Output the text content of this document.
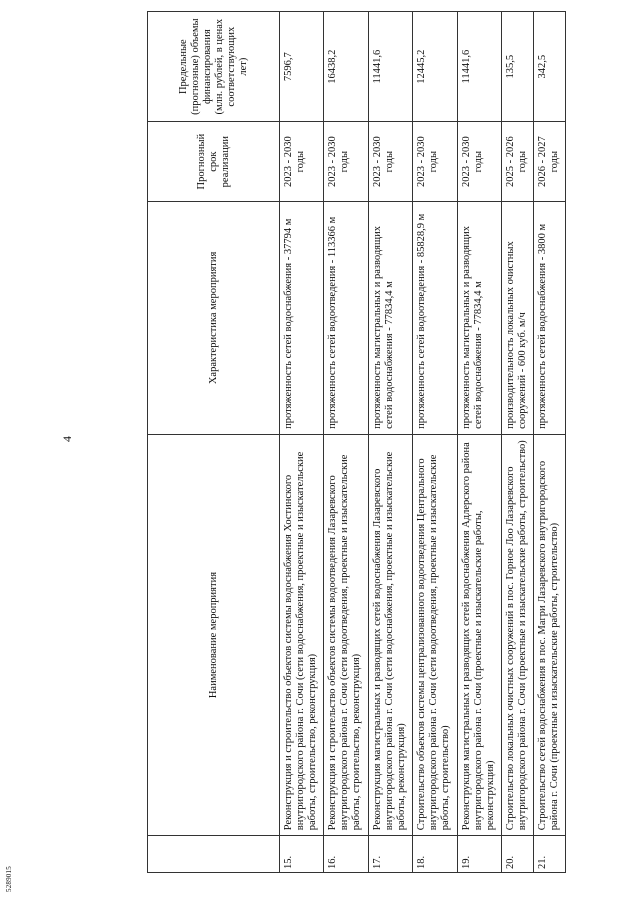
4
5289015
	Наименование мероприятия	Характеристика мероприятия	Прогнозный срок реализации	Предельные (прогнозные) объемы финансирования (млн. рублей, в ценах соответствующих лет)
15.	Реконструкция и строительство объектов системы водоснабжения Хостинского внутригородского района г. Сочи (сети водоснабжения, проектные и изыскательские работы, строительство, реконструкция)	протяженность сетей водоснабжения - 37794 м	2023 - 2030 годы	7596,7
16.	Реконструкция и строительство объектов системы водоотведения Лазаревского внутригородского района г. Сочи (сети водоотведения, проектные и изыскательские работы, строительство, реконструкция)	протяженность сетей водоотведения - 113366 м	2023 - 2030 годы	16438,2
17.	Реконструкция магистральных и разводящих сетей водоснабжения Лазаревского внутригородского района г. Сочи (сети водоснабжения, проектные и изыскательские работы, реконструкция)	протяженность магистральных и разводящих сетей водоснабжения - 77834,4 м	2023 - 2030 годы	11441,6
18.	Строительство объектов системы централизованного водоотведения Центрального внутригородского района г. Сочи (сети водоотведения, проектные и изыскательские работы, строительство)	протяженность сетей водоотведения - 85828,9 м	2023 - 2030 годы	12445,2
19.	Реконструкция магистральных и разводящих сетей водоснабжения Адлерского района внутригородского района г. Сочи (проектные и изыскательские работы, реконструкция)	протяженность магистральных и разводящих сетей водоснабжения - 77834,4 м	2023 - 2030 годы	11441,6
20.	Строительство локальных очистных сооружений в пос. Горное Лоо Лазаревского внутригородского района г. Сочи (проектные и изыскательские работы, строительство)	производительность локальных очистных сооружений - 600 куб. м/ч	2025 - 2026 годы	135,5
21.	Строительство сетей водоснабжения в пос. Магри Лазаревского внутригородского района г. Сочи (проектные и изыскательские работы, строительство)	протяженность сетей водоснабжения - 3800 м	2026 - 2027 годы	342,5
